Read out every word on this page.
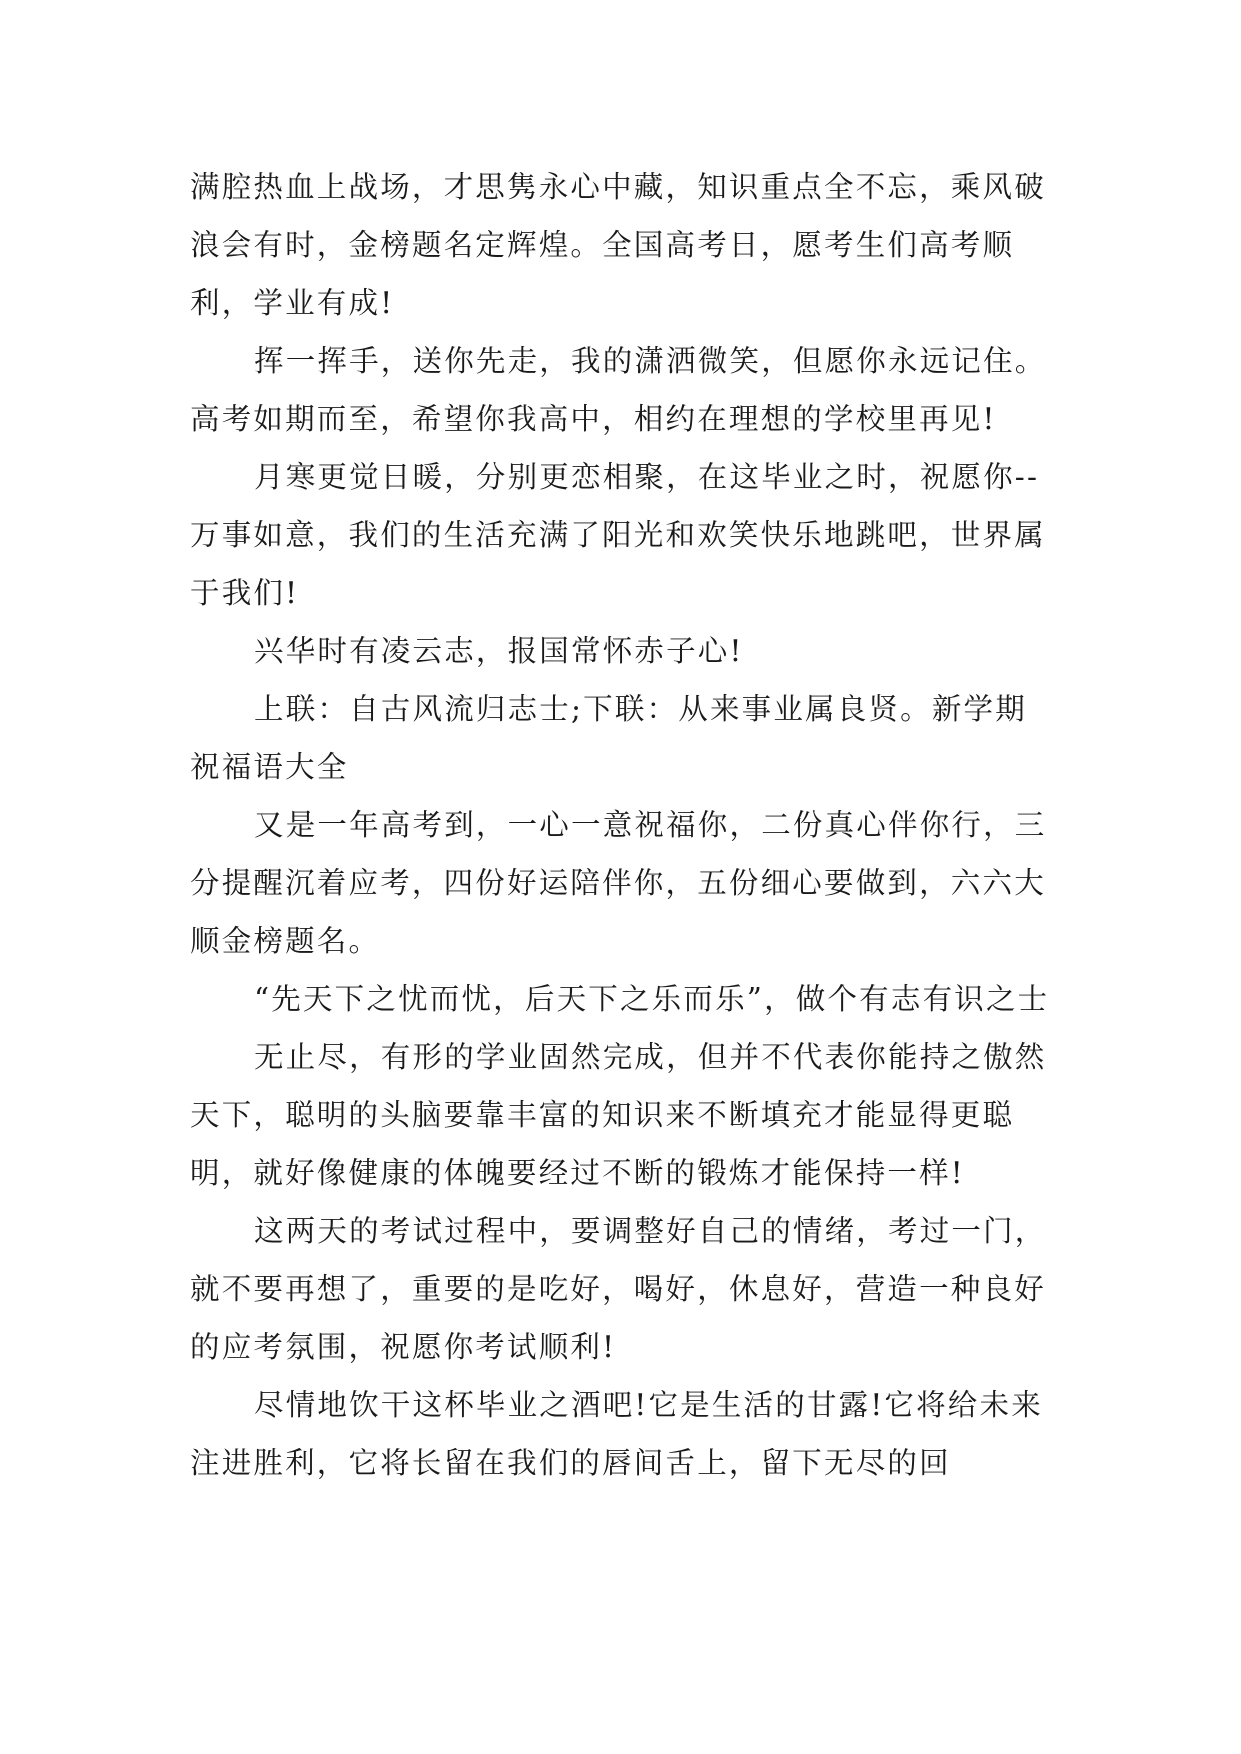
满腔热血上战场，才思隽永心中藏，知识重点全不忘，乘风破浪会有时，金榜题名定辉煌。全国高考日，愿考生们高考顺利，学业有成!

挥一挥手，送你先走，我的潇洒微笑，但愿你永远记住。高考如期而至，希望你我高中，相约在理想的学校里再见!

月寒更觉日暖，分别更恋相聚，在这毕业之时，祝愿你--万事如意，我们的生活充满了阳光和欢笑快乐地跳吧，世界属于我们!

兴华时有凌云志，报国常怀赤子心!

上联：自古风流归志士;下联：从来事业属良贤。新学期祝福语大全

又是一年高考到，一心一意祝福你，二份真心伴你行，三分提醒沉着应考，四份好运陪伴你，五份细心要做到，六六大顺金榜题名。

“先天下之忧而忧，后天下之乐而乐”，做个有志有识之士

无止尽，有形的学业固然完成，但并不代表你能持之傲然天下，聪明的头脑要靠丰富的知识来不断填充才能显得更聪明，就好像健康的体魄要经过不断的锻炼才能保持一样!

这两天的考试过程中，要调整好自己的情绪，考过一门，就不要再想了，重要的是吃好，喝好，休息好，营造一种良好的应考氛围，祝愿你考试顺利!

尽情地饮干这杯毕业之酒吧!它是生活的甘露!它将给未来注进胜利，它将长留在我们的唇间舌上，留下无尽的回
